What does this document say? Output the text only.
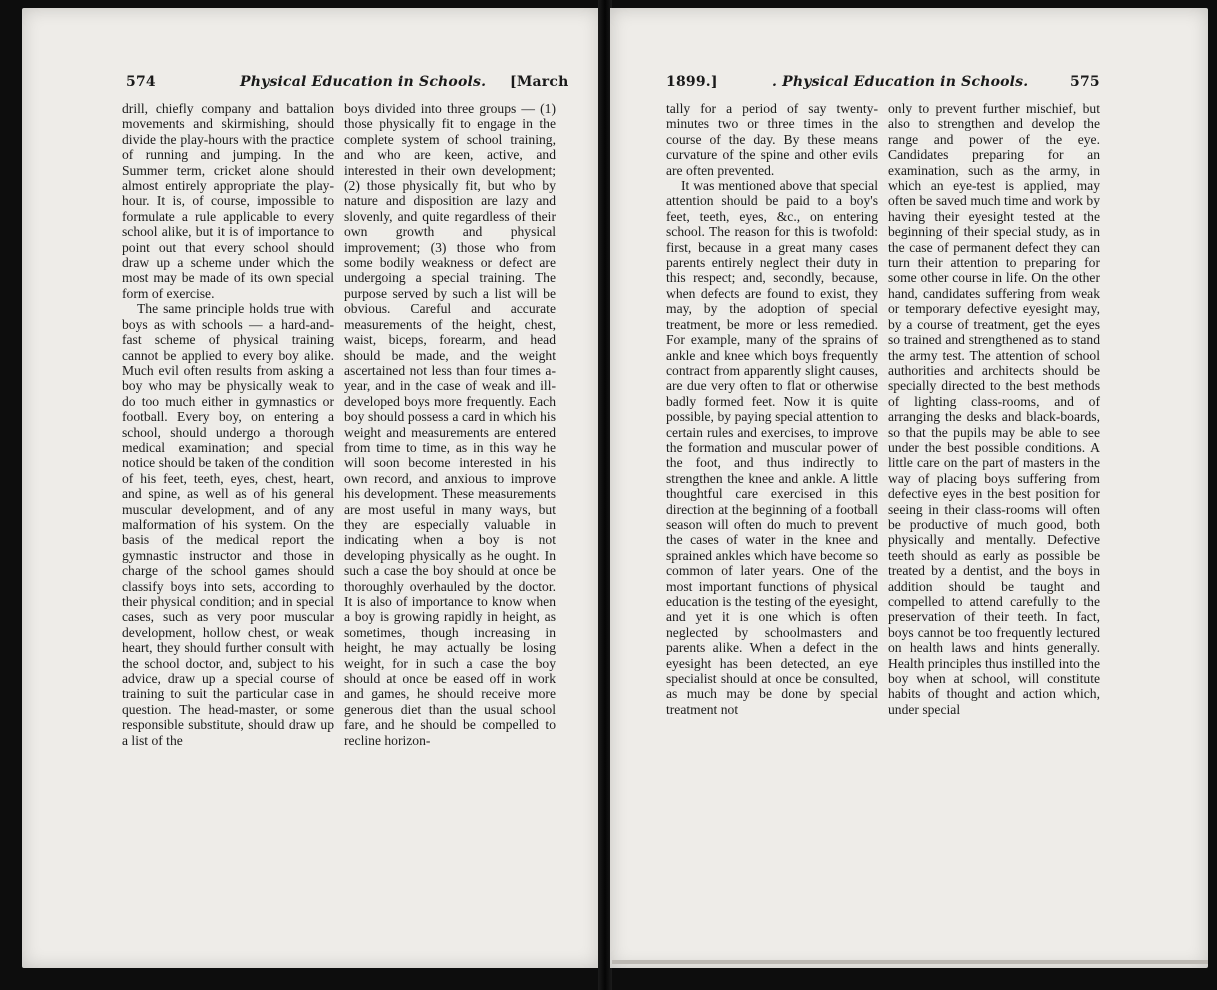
574	Physical Education in Schools. [March

drill, chiefly company and battalion movements and skirmishing, should divide the play-hours with the practice of running and jumping. In the Summer term, cricket alone should almost entirely appropriate the play-hour. It is, of course, impossible to formulate a rule applicable to every school alike, but it is of importance to point out that every school should draw up a scheme under which the most may be made of its own special form of exercise.

The same principle holds true with boys as with schools — a hard-and-fast scheme of physical training cannot be applied to every boy alike. Much evil often results from asking a boy who may be physically weak to do too much either in gymnastics or football. Every boy, on entering a school, should undergo a thorough medical examination; and special notice should be taken of the condition of his feet, teeth, eyes, chest, heart, and spine, as well as of his general muscular development, and of any malformation of his system. On the basis of the medical report the gymnastic instructor and those in charge of the school games should classify boys into sets, according to their physical condition; and in special cases, such as very poor muscular development, hollow chest, or weak heart, they should further consult with the school doctor, and, subject to his advice, draw up a special course of training to suit the particular case in question. The head-master, or some responsible substitute, should draw up a list of the

boys divided into three groups — (1) those physically fit to engage in the complete system of school training, and who are keen, active, and interested in their own development; (2) those physically fit, but who by nature and disposition are lazy and slovenly, and quite regardless of their own growth and physical improvement; (3) those who from some bodily weakness or defect are undergoing a special training. The purpose served by such a list will be obvious. Careful and accurate measurements of the height, chest, waist, biceps, forearm, and head should be made, and the weight ascertained not less than four times a-year, and in the case of weak and ill-developed boys more frequently. Each boy should possess a card in which his weight and measurements are entered from time to time, as in this way he will soon become interested in his own record, and anxious to improve his development. These measurements are most useful in many ways, but they are especially valuable in indicating when a boy is not developing physically as he ought. In such a case the boy should at once be thoroughly overhauled by the doctor. It is also of importance to know when a boy is growing rapidly in height, as sometimes, though increasing in height, he may actually be losing weight, for in such a case the boy should at once be eased off in work and games, he should receive more generous diet than the usual school fare, and he should be compelled to recline horizon-

1899.]	. Physical Education in Schools.	575

tally for a period of say twenty-minutes two or three times in the course of the day. By these means curvature of the spine and other evils are often prevented.

It was mentioned above that special attention should be paid to a boy's feet, teeth, eyes, &c., on entering school. The reason for this is twofold: first, because in a great many cases parents entirely neglect their duty in this respect; and, secondly, because, when defects are found to exist, they may, by the adoption of special treatment, be more or less remedied. For example, many of the sprains of ankle and knee which boys frequently contract from apparently slight causes, are due very often to flat or otherwise badly formed feet. Now it is quite possible, by paying special attention to certain rules and exercises, to improve the formation and muscular power of the foot, and thus indirectly to strengthen the knee and ankle. A little thoughtful care exercised in this direction at the beginning of a football season will often do much to prevent the cases of water in the knee and sprained ankles which have become so common of later years. One of the most important functions of physical education is the testing of the eyesight, and yet it is one which is often neglected by schoolmasters and parents alike. When a defect in the eyesight has been detected, an eye specialist should at once be consulted, as much may be done by special treatment not

only to prevent further mischief, but also to strengthen and develop the range and power of the eye. Candidates preparing for an examination, such as the army, in which an eye-test is applied, may often be saved much time and work by having their eyesight tested at the beginning of their special study, as in the case of permanent defect they can turn their attention to preparing for some other course in life. On the other hand, candidates suffering from weak or temporary defective eyesight may, by a course of treatment, get the eyes so trained and strengthened as to stand the army test. The attention of school authorities and architects should be specially directed to the best methods of lighting class-rooms, and of arranging the desks and black-boards, so that the pupils may be able to see under the best possible conditions. A little care on the part of masters in the way of placing boys suffering from defective eyes in the best position for seeing in their class-rooms will often be productive of much good, both physically and mentally. Defective teeth should as early as possible be treated by a dentist, and the boys in addition should be taught and compelled to attend carefully to the preservation of their teeth. In fact, boys cannot be too frequently lectured on health laws and hints generally. Health principles thus instilled into the boy when at school, will constitute habits of thought and action which, under special
